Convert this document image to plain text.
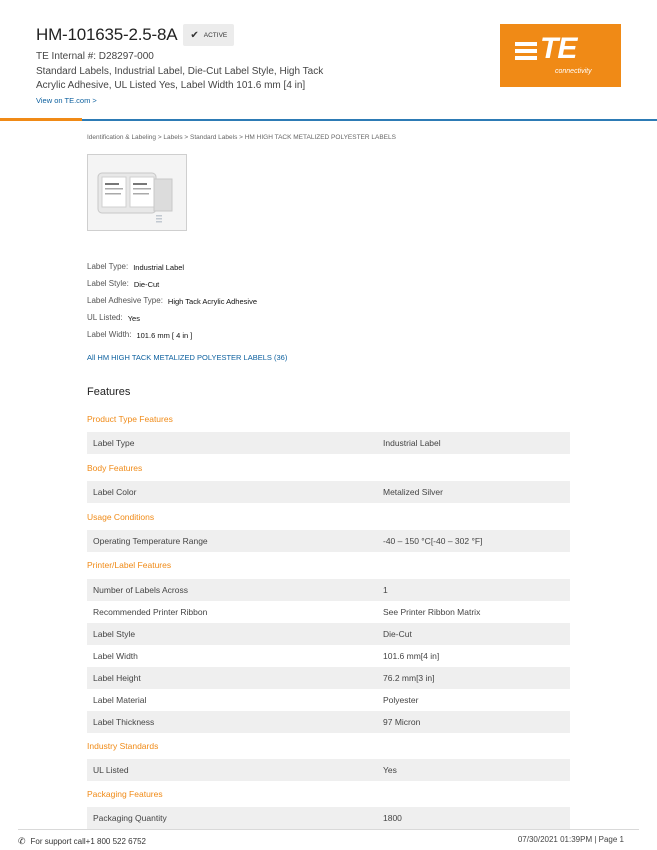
HM-101635-2.5-8A ✔ ACTIVE
TE Internal #: D28297-000
Standard Labels, Industrial Label, Die-Cut Label Style, High Tack Acrylic Adhesive, UL Listed Yes, Label Width 101.6 mm [4 in]
View on TE.com >
TE
connectivity
Identification & Labeling > Labels > Standard Labels > HM HIGH TACK METALIZED POLYESTER LABELS
Label Type: Industrial Label
Label Style: Die-Cut
Label Adhesive Type: High Tack Acrylic Adhesive
UL Listed: Yes
Label Width: 101.6 mm [ 4 in ]
All HM HIGH TACK METALIZED POLYESTER LABELS (36)
Features
Product Type Features
Label Type	Industrial Label
Body Features
Label Color	Metalized Silver
Usage Conditions
Operating Temperature Range	-40 – 150 °C[-40 – 302 °F]
Printer/Label Features
Number of Labels Across	1
Recommended Printer Ribbon	See Printer Ribbon Matrix
Label Style	Die-Cut
Label Width	101.6 mm[4 in]
Label Height	76.2 mm[3 in]
Label Material	Polyester
Label Thickness	97 Micron
Industry Standards
UL Listed	Yes
Packaging Features
Packaging Quantity	1800
✆ For support call+1 800 522 6752	07/30/2021 01:39PM | Page 1
